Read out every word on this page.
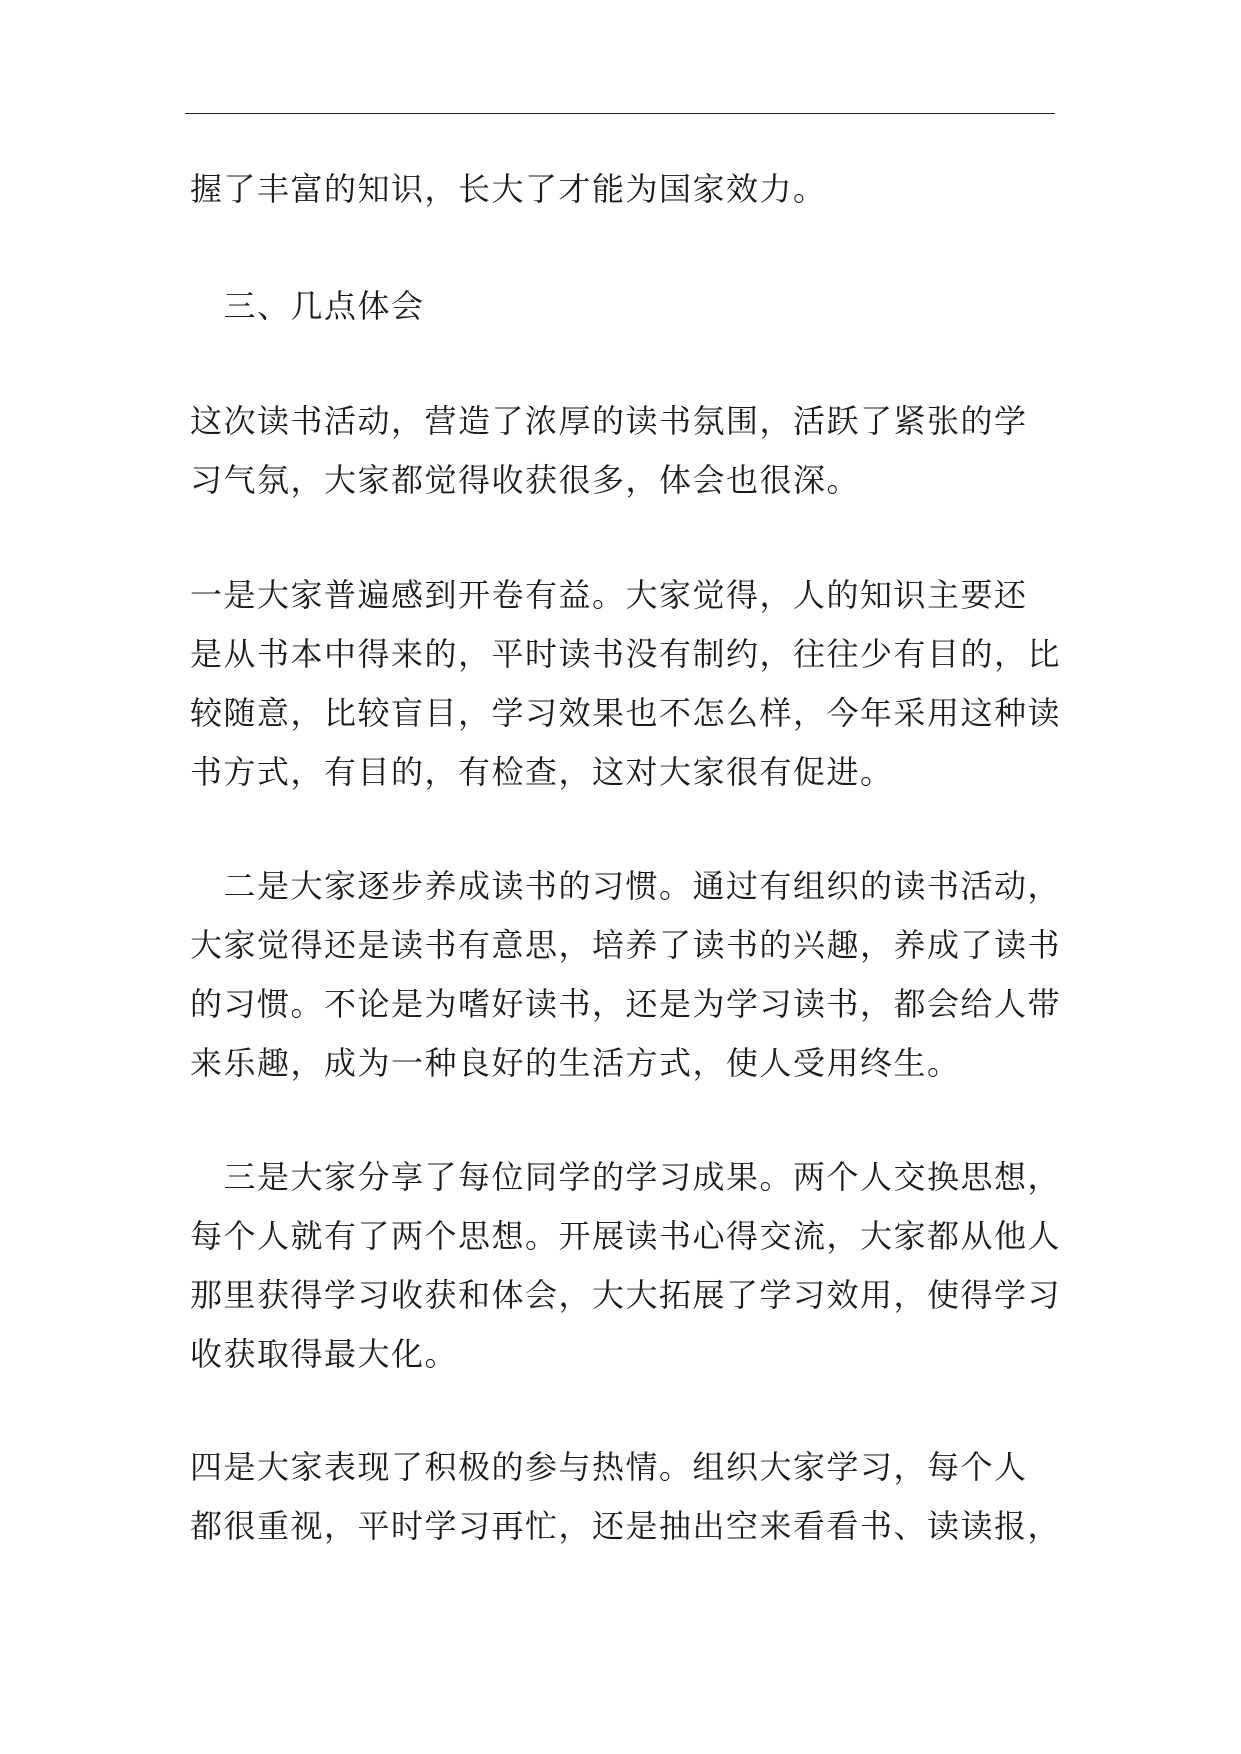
握了丰富的知识，长大了才能为国家效力。
　三、几点体会
这次读书活动，营造了浓厚的读书氛围，活跃了紧张的学
习气氛，大家都觉得收获很多，体会也很深。
一是大家普遍感到开卷有益。大家觉得，人的知识主要还
是从书本中得来的，平时读书没有制约，往往少有目的，比
较随意，比较盲目，学习效果也不怎么样，今年采用这种读
书方式，有目的，有检查，这对大家很有促进。
　二是大家逐步养成读书的习惯。通过有组织的读书活动，
大家觉得还是读书有意思，培养了读书的兴趣，养成了读书
的习惯。不论是为嗜好读书，还是为学习读书，都会给人带
来乐趣，成为一种良好的生活方式，使人受用终生。
　三是大家分享了每位同学的学习成果。两个人交换思想，
每个人就有了两个思想。开展读书心得交流，大家都从他人
那里获得学习收获和体会，大大拓展了学习效用，使得学习
收获取得最大化。
四是大家表现了积极的参与热情。组织大家学习，每个人
都很重视，平时学习再忙，还是抽出空来看看书、读读报，
